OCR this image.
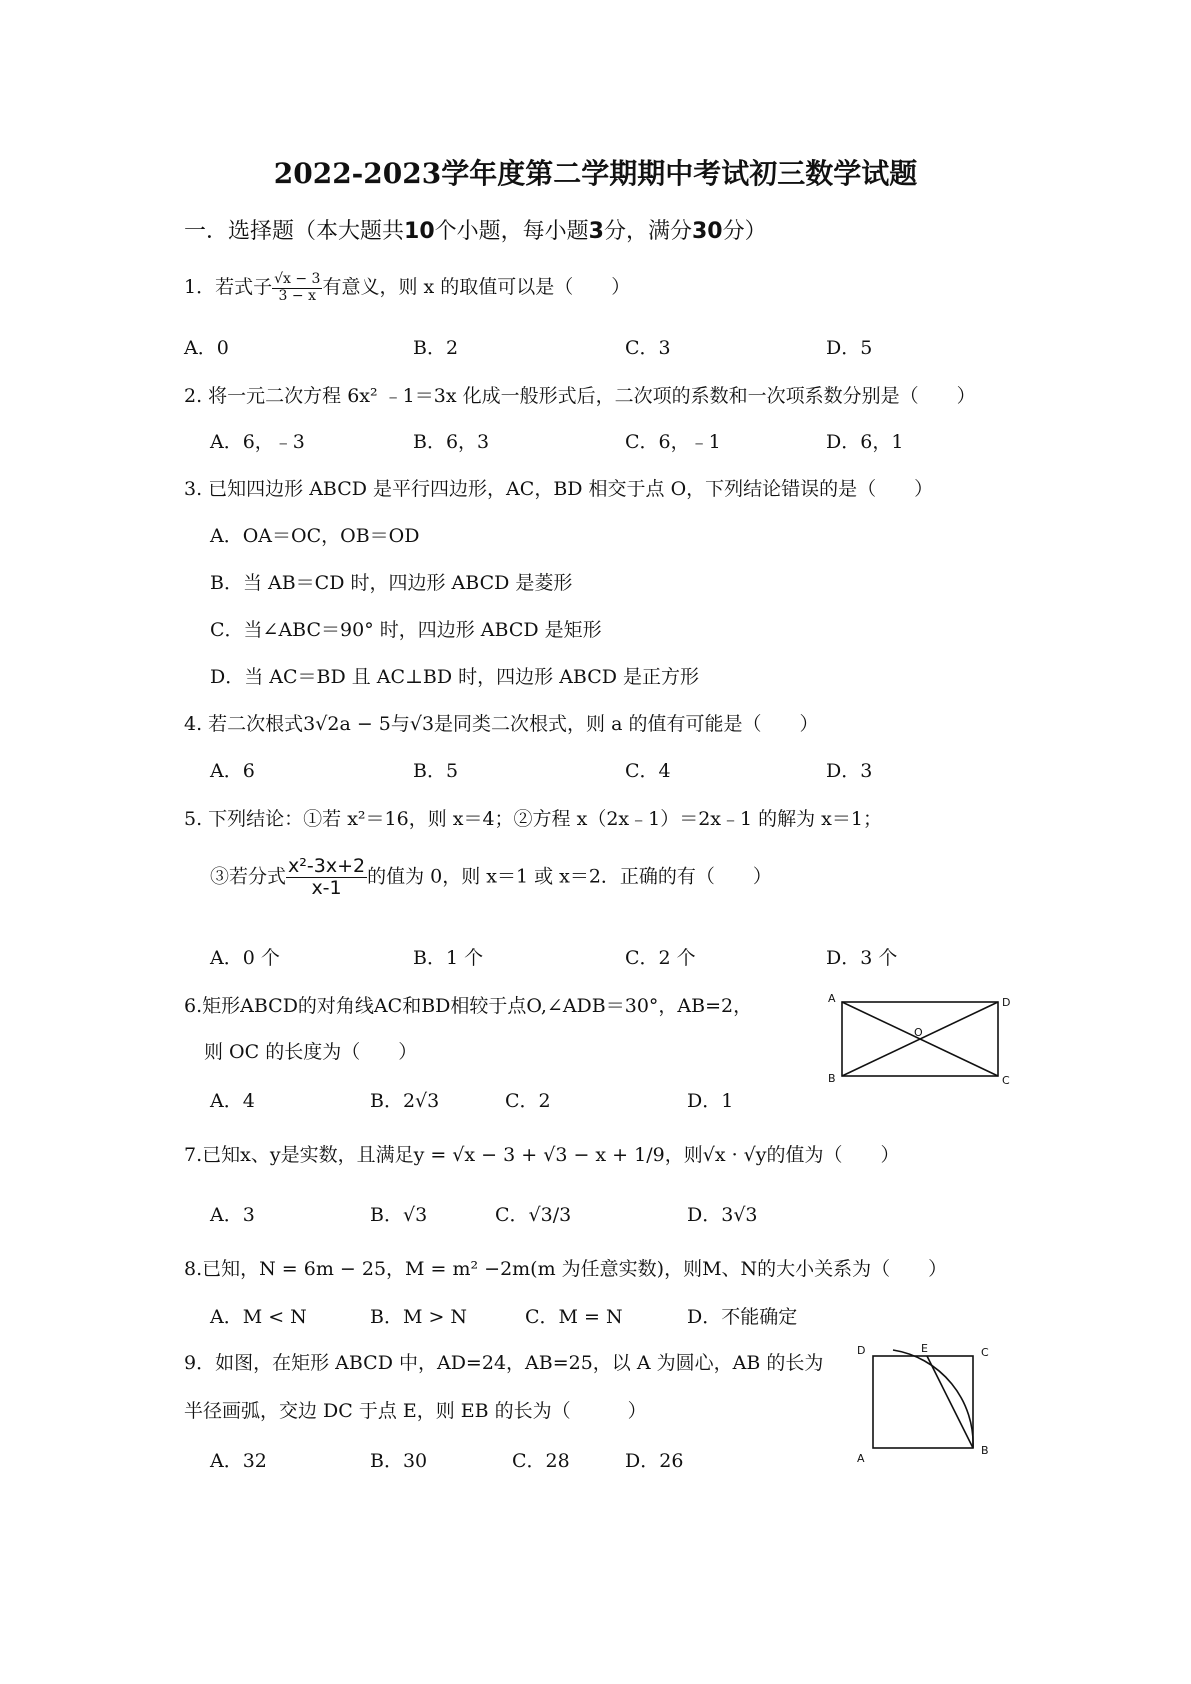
2022-2023学年度第二学期期中考试初三数学试题
一．选择题（本大题共10个小题，每小题3分，满分30分）
1．若式子 $\frac{√x - 3}{3 - x}$ 有意义，则 x 的取值可以是（　　）
A．0	B．2	C．3	D．5
2. 将一元二次方程 6x² ﹣1＝3x 化成一般形式后，二次项的系数和一次项系数分别是（　　）
A．6，﹣3	B．6，3	C．6，﹣1	D．6，1
3. 已知四边形 ABCD 是平行四边形，AC，BD 相交于点 O，下列结论错误的是（　　）
A．OA＝OC，OB＝OD
B．当 AB＝CD 时，四边形 ABCD 是菱形
C．当∠ABC＝90° 时，四边形 ABCD 是矩形
D．当 AC＝BD 且 AC⊥BD 时，四边形 ABCD 是正方形
4. 若二次根式3√2a − 5与√3是同类二次根式，则 a 的值有可能是（　　）
A．6	B．5	C．4	D．3
5. 下列结论：①若 x²＝16，则 x＝4；②方程 x（2x﹣1）＝2x﹣1 的解为 x＝1；
③若分式 $\frac{\text{x²-3x+2}}{x-1}$ 的值为 0，则 x＝1 或 x＝2．正确的有（　　）
A．0 个	B．1 个	C．2 个	D．3 个
6.矩形ABCD的对角线AC和BD相较于点O,∠ADB＝30°，AB=2，
则 OC 的长度为（　　）
A．4	B．2√3	C．2	D．1
A	D
B	C
O
7.已知x、y是实数，且满足y = √x − 3 + √3 − x + 1/9，则√x · √y的值为（　　）
A．3	B．√3	C．√3/3	D．3√3
8.已知，N = 6m − 25，M = m² −2m(m 为任意实数)，则M、N的大小关系为（　　）
A．M < N	B．M > N	C．M = N	D．不能确定
9．如图，在矩形 ABCD 中，AD=24，AB=25，以 A 为圆心，AB 的长为
半径画弧，交边 DC 于点 E，则 EB 的长为（　　　）
A．32	B．30	C．28	D．26
D	E	C
A
B
